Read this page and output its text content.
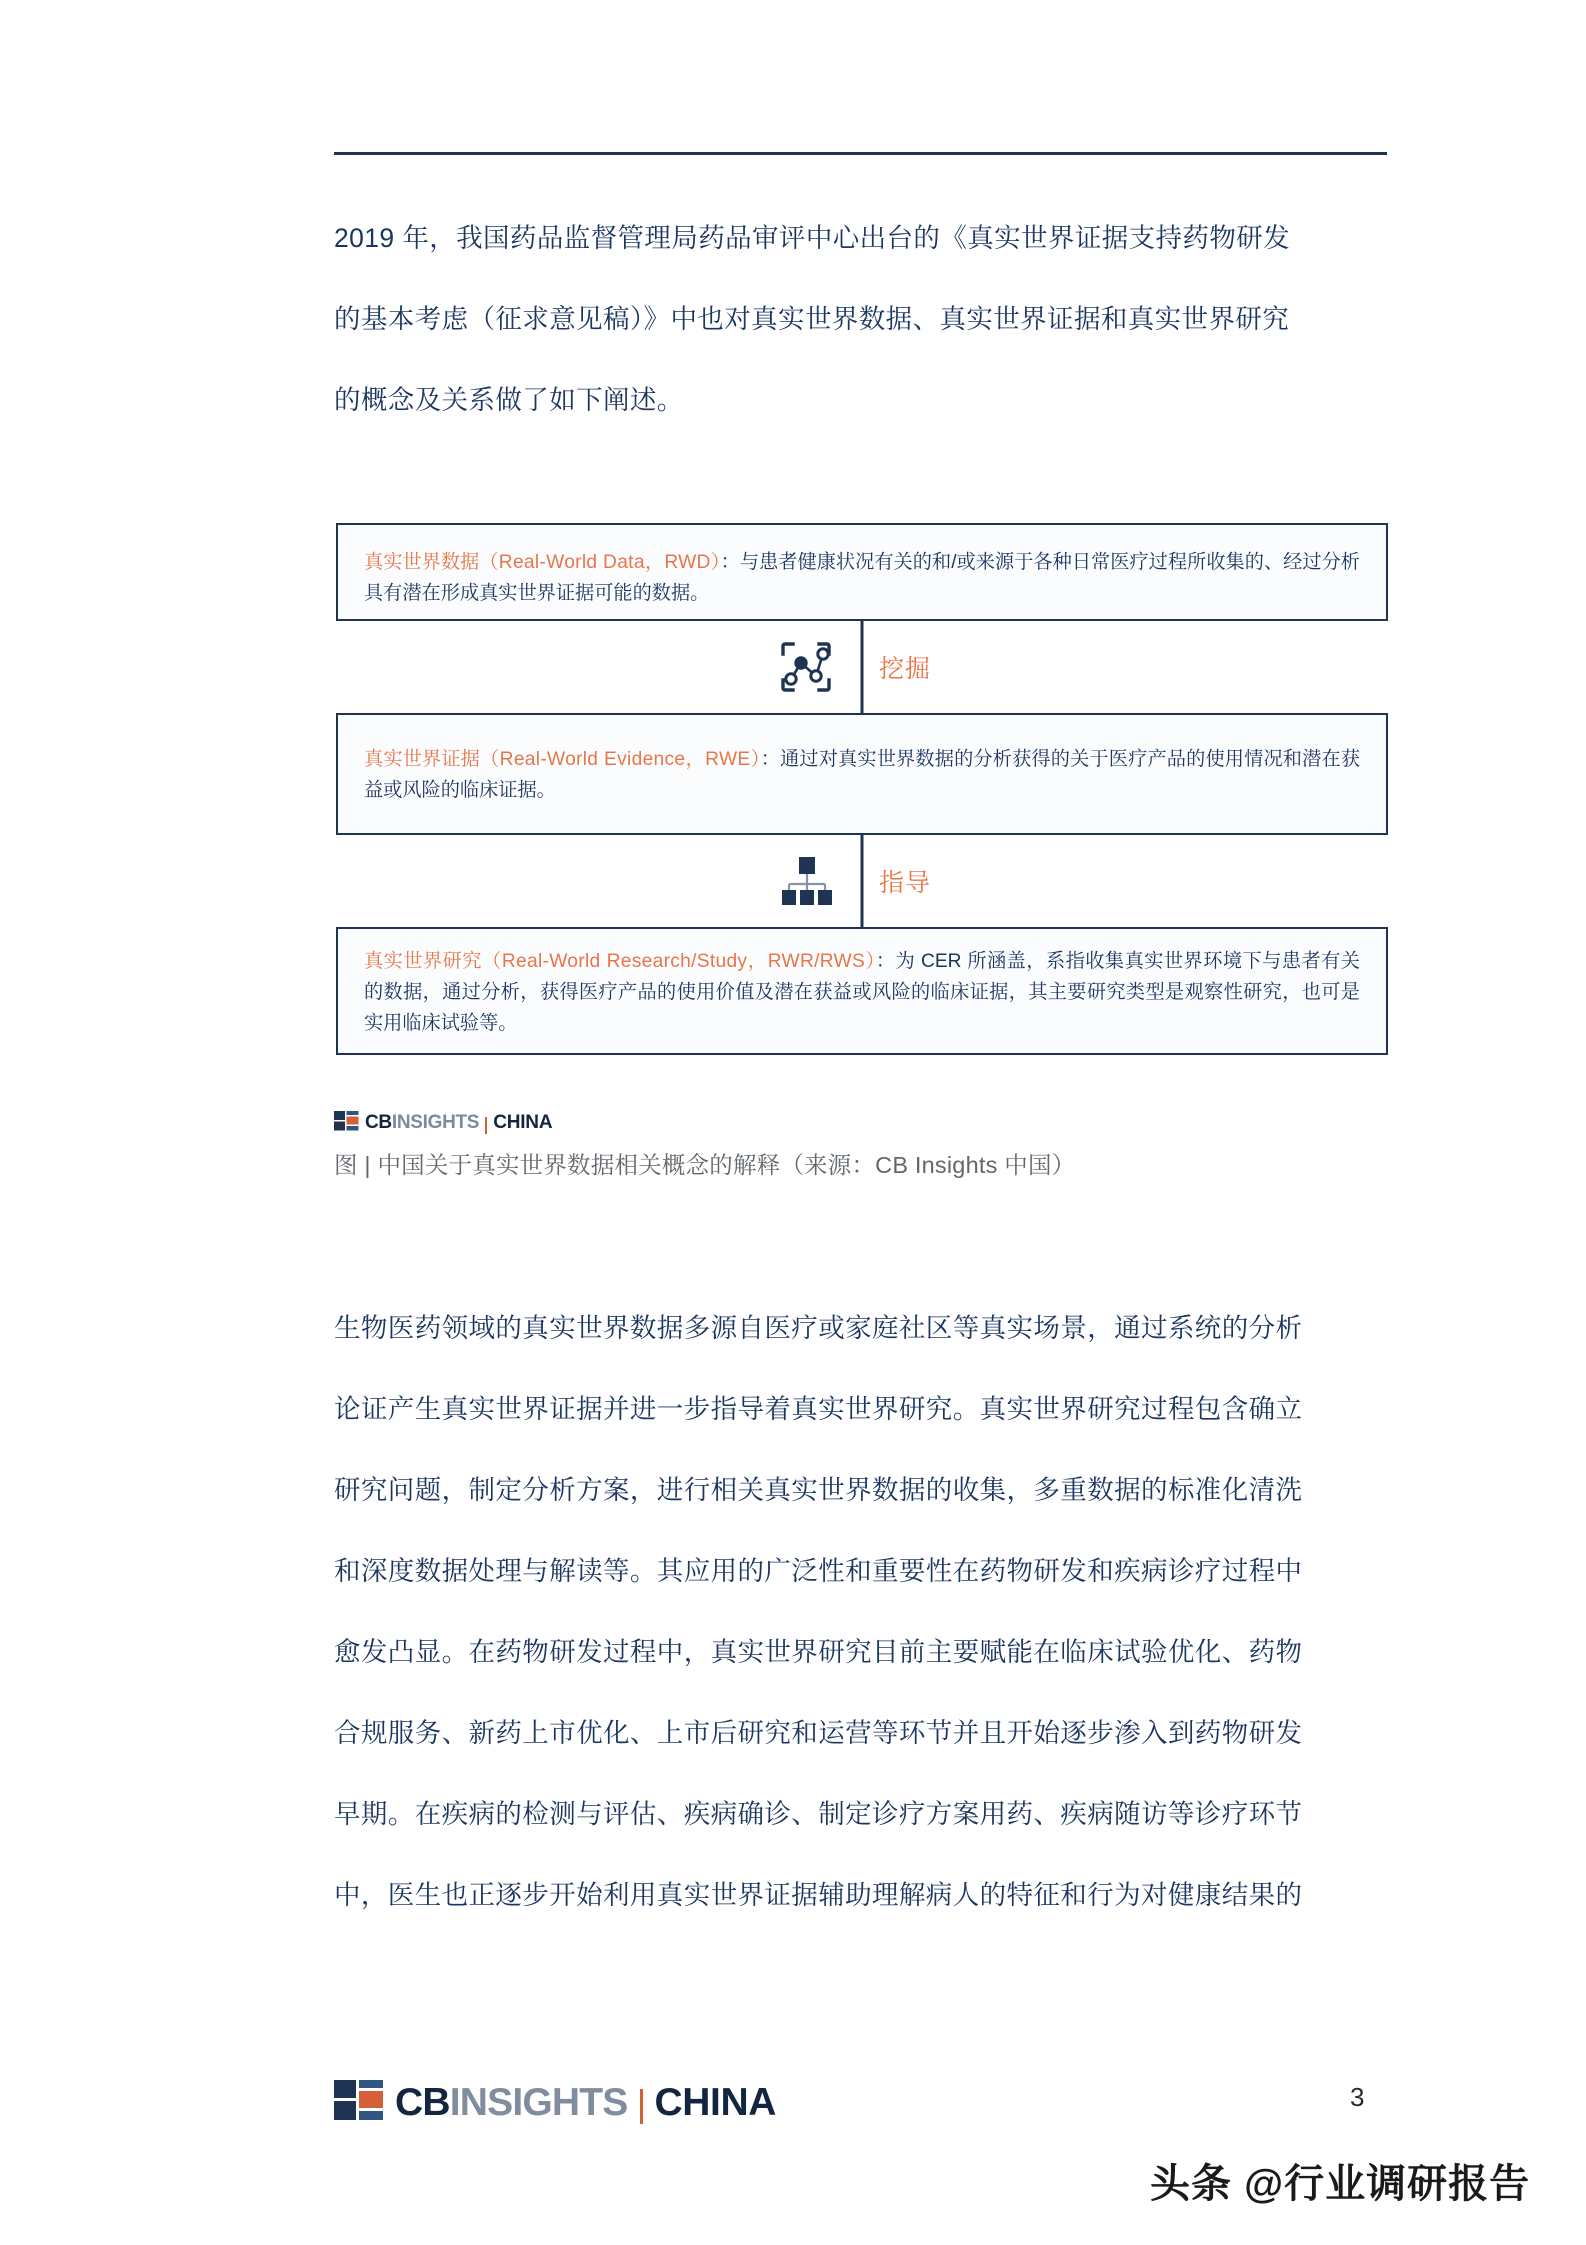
2019 年，我国药品监督管理局药品审评中心出台的《真实世界证据支持药物研发
的基本考虑（征求意见稿）》中也对真实世界数据、真实世界证据和真实世界研究
的概念及关系做了如下阐述。
真实世界数据（Real-World Data，RWD）：与患者健康状况有关的和/或来源于各种日常医疗过程所收集的、经过分析具有潜在形成真实世界证据可能的数据。
挖掘
真实世界证据（Real-World Evidence，RWE）：通过对真实世界数据的分析获得的关于医疗产品的使用情况和潜在获益或风险的临床证据。
指导
真实世界研究（Real-World Research/Study，RWR/RWS）：为 CER 所涵盖，系指收集真实世界环境下与患者有关的数据，通过分析，获得医疗产品的使用价值及潜在获益或风险的临床证据，其主要研究类型是观察性研究，也可是实用临床试验等。
CB INSIGHTS CHINA
图 | 中国关于真实世界数据相关概念的解释（来源：CB Insights 中国）
生物医药领域的真实世界数据多源自医疗或家庭社区等真实场景，通过系统的分析
论证产生真实世界证据并进一步指导着真实世界研究。真实世界研究过程包含确立
研究问题，制定分析方案，进行相关真实世界数据的收集，多重数据的标准化清洗
和深度数据处理与解读等。其应用的广泛性和重要性在药物研发和疾病诊疗过程中
愈发凸显。在药物研发过程中，真实世界研究目前主要赋能在临床试验优化、药物
合规服务、新药上市优化、上市后研究和运营等环节并且开始逐步渗入到药物研发
早期。在疾病的检测与评估、疾病确诊、制定诊疗方案用药、疾病随访等诊疗环节
中，医生也正逐步开始利用真实世界证据辅助理解病人的特征和行为对健康结果的
CB INSIGHTS CHINA	3
头条 @行业调研报告
